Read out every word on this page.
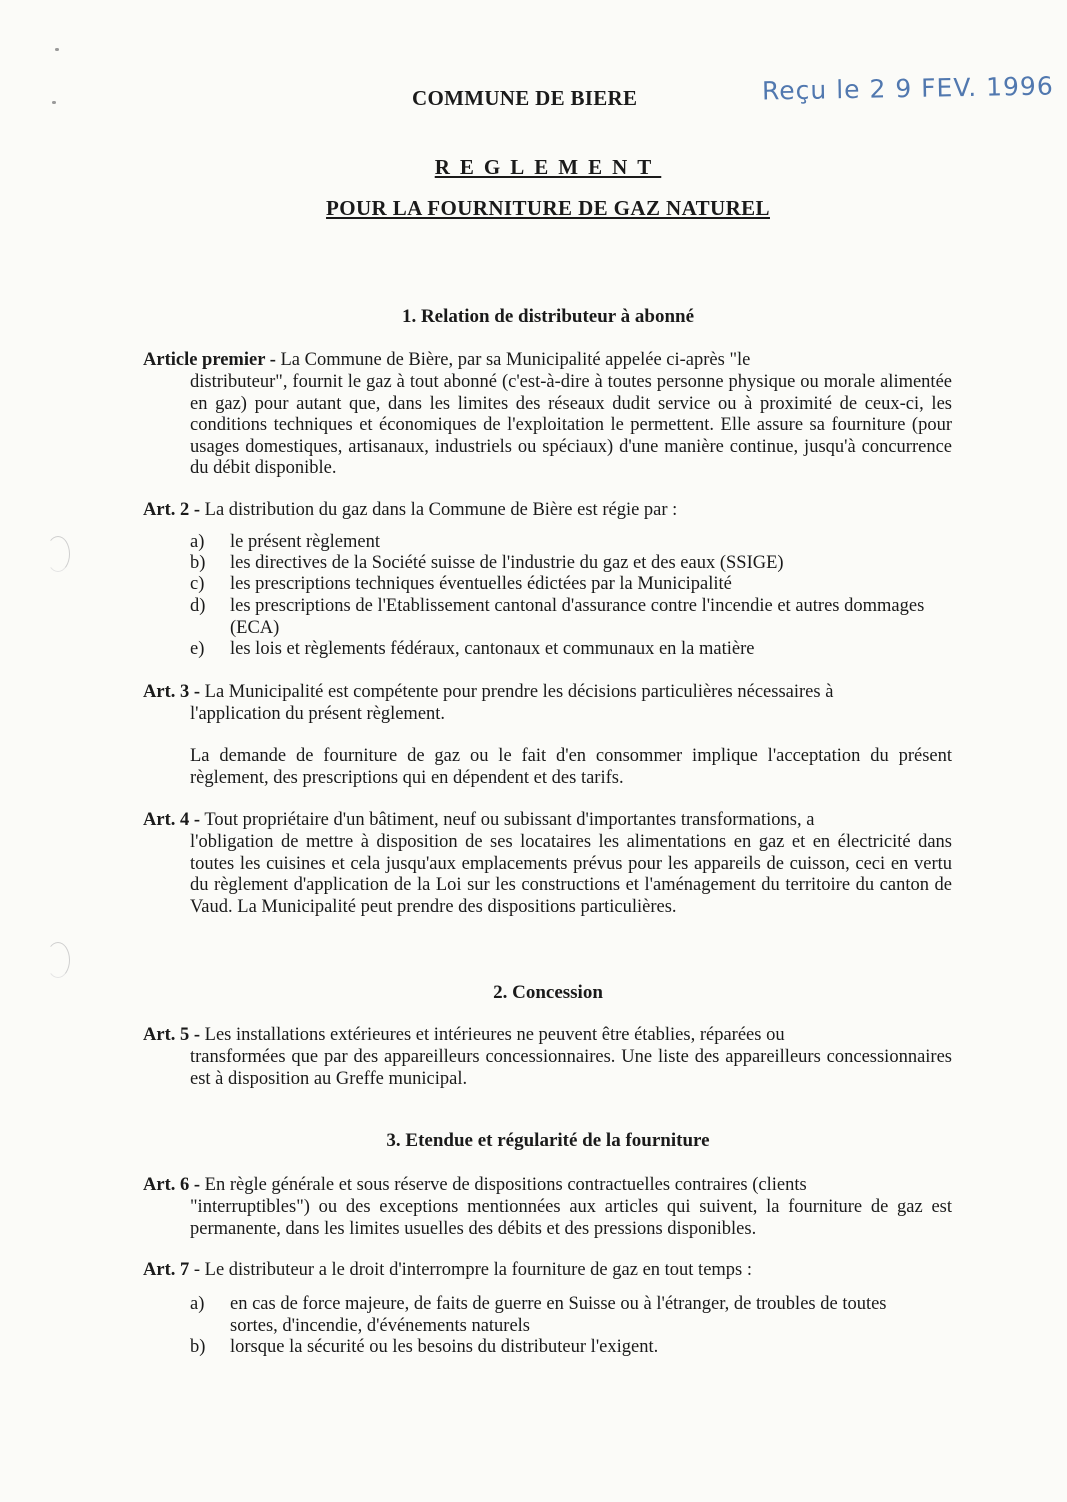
COMMUNE DE BIERE	Reçu le 2 9 FEV. 1996
REGLEMENT
POUR LA FOURNITURE DE GAZ NATUREL
1. Relation de distributeur à abonné
Article premier - La Commune de Bière, par sa Municipalité appelée ci-après "le
distributeur", fournit le gaz à tout abonné (c'est-à-dire à toutes personne physique ou morale alimentée en gaz) pour autant que, dans les limites des réseaux dudit service ou à proximité de ceux-ci, les conditions techniques et économiques de l'exploitation le permettent. Elle assure sa fourniture (pour usages domestiques, artisanaux, industriels ou spéciaux) d'une manière continue, jusqu'à concurrence du débit disponible.
Art. 2 - La distribution du gaz dans la Commune de Bière est régie par :
a) le présent règlement
b) les directives de la Société suisse de l'industrie du gaz et des eaux (SSIGE)
c) les prescriptions techniques éventuelles édictées par la Municipalité
d) les prescriptions de l'Etablissement cantonal d'assurance contre l'incendie et autres dommages (ECA)
e) les lois et règlements fédéraux, cantonaux et communaux en la matière
Art. 3 - La Municipalité est compétente pour prendre les décisions particulières nécessaires à
l'application du présent règlement.
La demande de fourniture de gaz ou le fait d'en consommer implique l'acceptation du présent règlement, des prescriptions qui en dépendent et des tarifs.
Art. 4 - Tout propriétaire d'un bâtiment, neuf ou subissant d'importantes transformations, a
l'obligation de mettre à disposition de ses locataires les alimentations en gaz et en électricité dans toutes les cuisines et cela jusqu'aux emplacements prévus pour les appareils de cuisson, ceci en vertu du règlement d'application de la Loi sur les constructions et l'aménagement du territoire du canton de Vaud. La Municipalité peut prendre des dispositions particulières.
2. Concession
Art. 5 - Les installations extérieures et intérieures ne peuvent être établies, réparées ou
transformées que par des appareilleurs concessionnaires. Une liste des appareilleurs concessionnaires est à disposition au Greffe municipal.
3. Etendue et régularité de la fourniture
Art. 6 - En règle générale et sous réserve de dispositions contractuelles contraires (clients
"interruptibles") ou des exceptions mentionnées aux articles qui suivent, la fourniture de gaz est permanente, dans les limites usuelles des débits et des pressions disponibles.
Art. 7 - Le distributeur a le droit d'interrompre la fourniture de gaz en tout temps :
a) en cas de force majeure, de faits de guerre en Suisse ou à l'étranger, de troubles de toutes sortes, d'incendie, d'événements naturels
b) lorsque la sécurité ou les besoins du distributeur l'exigent.
